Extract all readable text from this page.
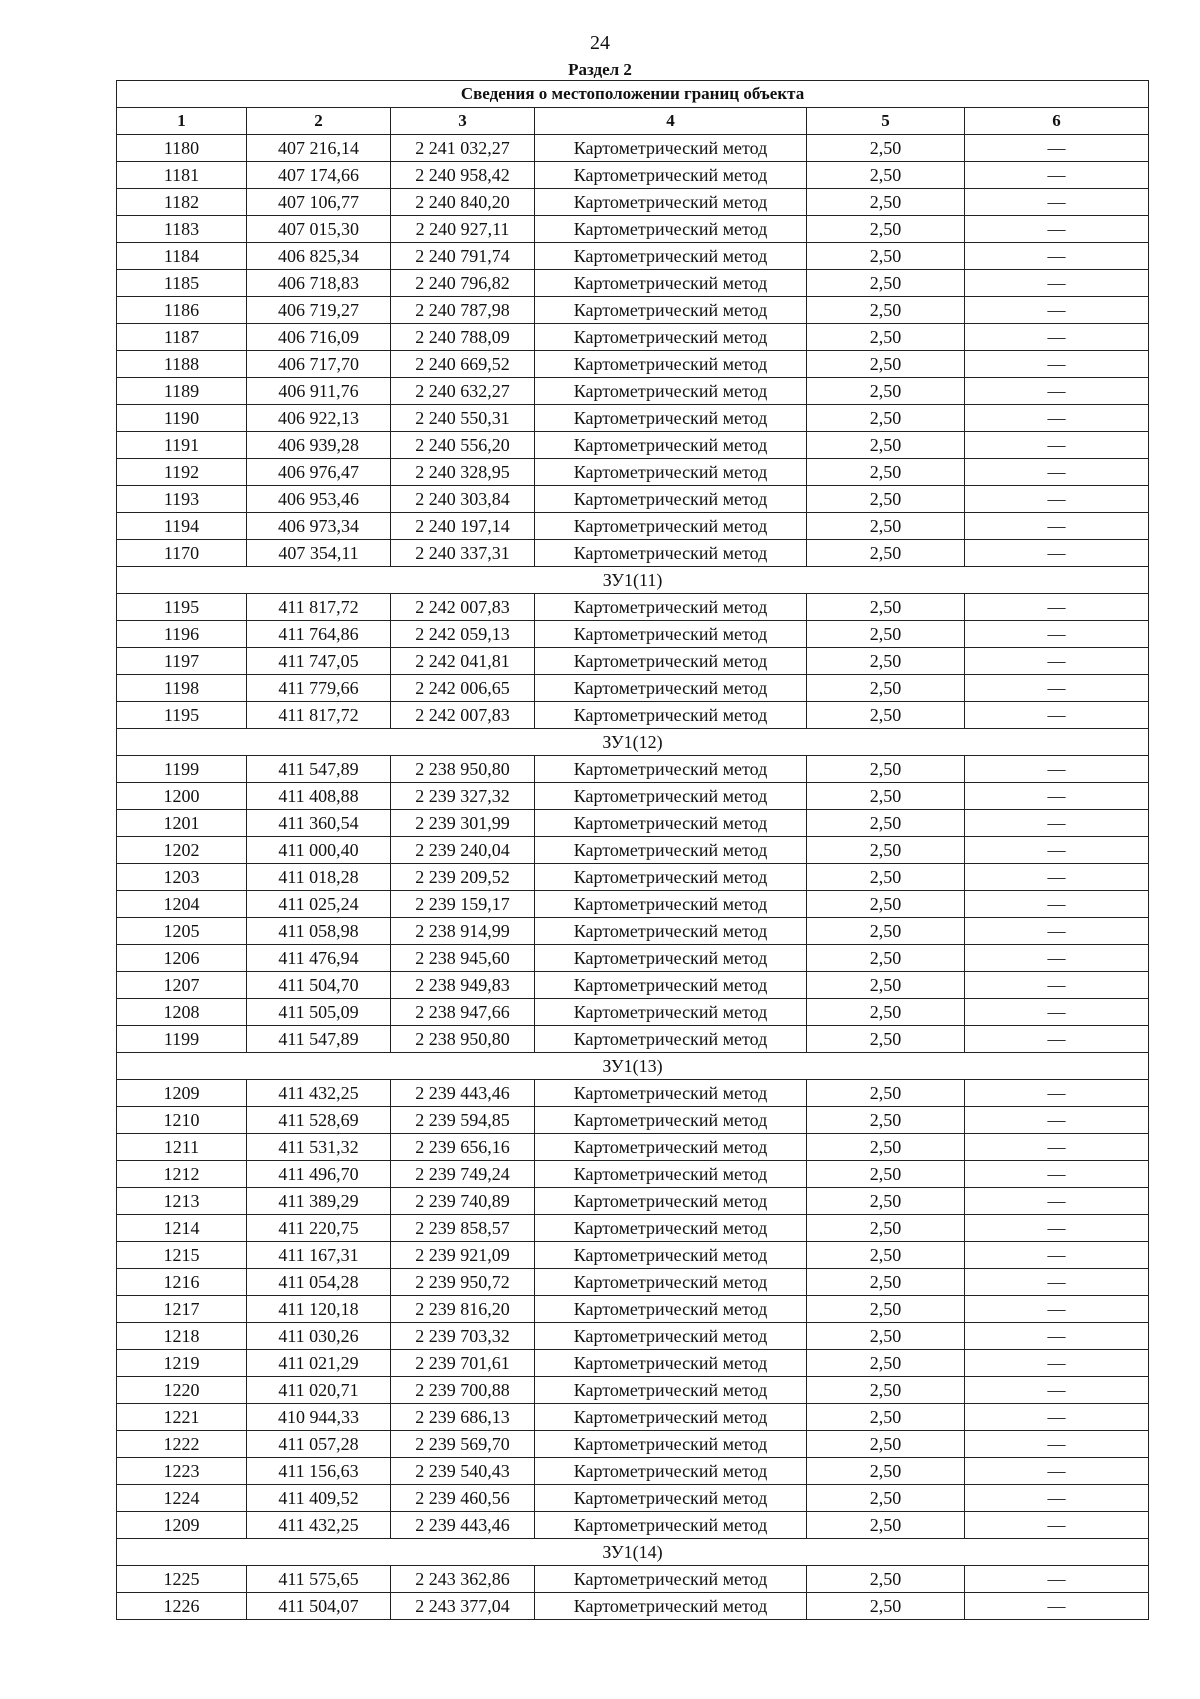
24
Раздел 2
Сведения о местоположении границ объекта					
1	2	3	4	5	6
1180	407 216,14	2 241 032,27	Картометрический метод	2,50	—
1181	407 174,66	2 240 958,42	Картометрический метод	2,50	—
1182	407 106,77	2 240 840,20	Картометрический метод	2,50	—
1183	407 015,30	2 240 927,11	Картометрический метод	2,50	—
1184	406 825,34	2 240 791,74	Картометрический метод	2,50	—
1185	406 718,83	2 240 796,82	Картометрический метод	2,50	—
1186	406 719,27	2 240 787,98	Картометрический метод	2,50	—
1187	406 716,09	2 240 788,09	Картометрический метод	2,50	—
1188	406 717,70	2 240 669,52	Картометрический метод	2,50	—
1189	406 911,76	2 240 632,27	Картометрический метод	2,50	—
1190	406 922,13	2 240 550,31	Картометрический метод	2,50	—
1191	406 939,28	2 240 556,20	Картометрический метод	2,50	—
1192	406 976,47	2 240 328,95	Картометрический метод	2,50	—
1193	406 953,46	2 240 303,84	Картометрический метод	2,50	—
1194	406 973,34	2 240 197,14	Картометрический метод	2,50	—
1170	407 354,11	2 240 337,31	Картометрический метод	2,50	—
ЗУ1(11)					
1195	411 817,72	2 242 007,83	Картометрический метод	2,50	—
1196	411 764,86	2 242 059,13	Картометрический метод	2,50	—
1197	411 747,05	2 242 041,81	Картометрический метод	2,50	—
1198	411 779,66	2 242 006,65	Картометрический метод	2,50	—
1195	411 817,72	2 242 007,83	Картометрический метод	2,50	—
ЗУ1(12)					
1199	411 547,89	2 238 950,80	Картометрический метод	2,50	—
1200	411 408,88	2 239 327,32	Картометрический метод	2,50	—
1201	411 360,54	2 239 301,99	Картометрический метод	2,50	—
1202	411 000,40	2 239 240,04	Картометрический метод	2,50	—
1203	411 018,28	2 239 209,52	Картометрический метод	2,50	—
1204	411 025,24	2 239 159,17	Картометрический метод	2,50	—
1205	411 058,98	2 238 914,99	Картометрический метод	2,50	—
1206	411 476,94	2 238 945,60	Картометрический метод	2,50	—
1207	411 504,70	2 238 949,83	Картометрический метод	2,50	—
1208	411 505,09	2 238 947,66	Картометрический метод	2,50	—
1199	411 547,89	2 238 950,80	Картометрический метод	2,50	—
ЗУ1(13)					
1209	411 432,25	2 239 443,46	Картометрический метод	2,50	—
1210	411 528,69	2 239 594,85	Картометрический метод	2,50	—
1211	411 531,32	2 239 656,16	Картометрический метод	2,50	—
1212	411 496,70	2 239 749,24	Картометрический метод	2,50	—
1213	411 389,29	2 239 740,89	Картометрический метод	2,50	—
1214	411 220,75	2 239 858,57	Картометрический метод	2,50	—
1215	411 167,31	2 239 921,09	Картометрический метод	2,50	—
1216	411 054,28	2 239 950,72	Картометрический метод	2,50	—
1217	411 120,18	2 239 816,20	Картометрический метод	2,50	—
1218	411 030,26	2 239 703,32	Картометрический метод	2,50	—
1219	411 021,29	2 239 701,61	Картометрический метод	2,50	—
1220	411 020,71	2 239 700,88	Картометрический метод	2,50	—
1221	410 944,33	2 239 686,13	Картометрический метод	2,50	—
1222	411 057,28	2 239 569,70	Картометрический метод	2,50	—
1223	411 156,63	2 239 540,43	Картометрический метод	2,50	—
1224	411 409,52	2 239 460,56	Картометрический метод	2,50	—
1209	411 432,25	2 239 443,46	Картометрический метод	2,50	—
ЗУ1(14)					
1225	411 575,65	2 243 362,86	Картометрический метод	2,50	—
1226	411 504,07	2 243 377,04	Картометрический метод	2,50	—
